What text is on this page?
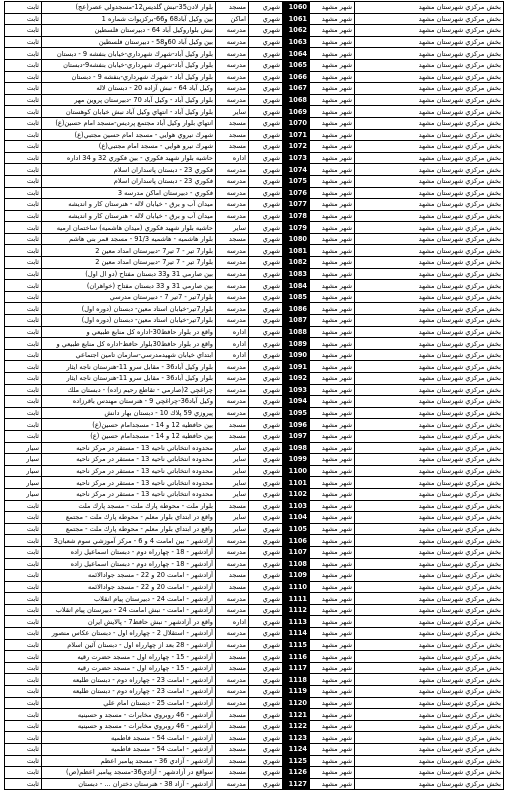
ثابت	بلوار لادن35-نبش گلدیس12-مسجدولي عصر(عج)	مسجد	شهري	1060	شهر مشهد	بخش مركزي شهرستان مشهد
ثابت	بين وكيل آباد68 و66-بركزيوات شماره 1	اماكن	شهري	1061	شهر مشهد	بخش مركزي شهرستان مشهد
ثابت	نبش بلواروكيل آباد 64 - دبيرستان فلسطين	مدرسه	شهري	1062	شهر مشهد	بخش مركزي شهرستان مشهد
ثابت	بين وكيل آباد 60و58 - دبيرستان فلسطين	مدرسه	شهري	1063	شهر مشهد	بخش مركزي شهرستان مشهد
ثابت	بلوار وكيل آباد-شهرك شهرداري-خيابان بنفشه 9 - دبستان	مدرسه	شهري	1064	شهر مشهد	بخش مركزي شهرستان مشهد
ثابت	بلوار وكيل آباد-شهرك شهرداري-خيابان بنفشه9-دبستان	مدرسه	شهري	1065	شهر مشهد	بخش مركزي شهرستان مشهد
ثابت	بلوار وكيل آباد - شهرك شهرداري-بنفشه 9 - دبستان	مدرسه	شهري	1066	شهر مشهد	بخش مركزي شهرستان مشهد
ثابت	وكيل آباد 64 - نبش آزاده 20 - دبستان لاله	مدرسه	شهري	1067	شهر مشهد	بخش مركزي شهرستان مشهد
ثابت	بلوار وكيل آباد - وكيل آباد 70 -دبيرستان پروين مهر	مدرسه	شهري	1068	شهر مشهد	بخش مركزي شهرستان مشهد
ثابت	بلوار وكيل آباد - انتهاي وكيل آباد نبش خيابان كوهستان	ساير	شهري	1069	شهر مشهد	بخش مركزي شهرستان مشهد
ثابت	انتهاي بلوار وكيل آباد مجتمع پرديس-مسجد امام حسين(ع)	مسجد	شهري	1070	شهر مشهد	بخش مركزي شهرستان مشهد
ثابت	شهرك نيروي هوايي - مسجد امام حسين مجتبي(ع)	مسجد	شهري	1071	شهر مشهد	بخش مركزي شهرستان مشهد
ثابت	شهرك نيرو هوايي - مسجد امام مجتبي(ع)	مسجد	شهري	1072	شهر مشهد	بخش مركزي شهرستان مشهد
ثابت	حاشيه بلوار شهيد فكوري - بين فكوري 32 و 34 اداره	اداره	شهري	1073	شهر مشهد	بخش مركزي شهرستان مشهد
ثابت	فكوري 23 - دبستان پاسداران اسلام	مدرسه	شهري	1074	شهر مشهد	بخش مركزي شهرستان مشهد
ثابت	فكوري 23 - دبستان پاسداران اسلام	مدرسه	شهري	1075	شهر مشهد	بخش مركزي شهرستان مشهد
ثابت	فكوري - دبيرستان اماكن مدرسه 3	مدرسه	شهري	1076	شهر مشهد	بخش مركزي شهرستان مشهد
ثابت	ميدان آب و برق - خيابان لاله - هنرستان كار و انديشه	مدرسه	شهري	1077	شهر مشهد	بخش مركزي شهرستان مشهد
ثابت	ميدان آب و برق - خيابان لاله - هنرستان كار و انديشه	مدرسه	شهري	1078	شهر مشهد	بخش مركزي شهرستان مشهد
ثابت	حاشيه بلوار شهيد فكوري (ميدان هاشميه) ساختمان ارميه	ساير	شهري	1079	شهر مشهد	بخش مركزي شهرستان مشهد
ثابت	بلوار هاشميه - هاشميه 91/3 - مسجد قمر بني هاشم	مسجد	شهري	1080	شهر مشهد	بخش مركزي شهرستان مشهد
ثابت	بلوار7 تير - 7 تير7 -دبيرستان امداد معين 2	مدرسه	شهري	1081	شهر مشهد	بخش مركزي شهرستان مشهد
ثابت	بلوار7 تير - 7 تير7 -دبيرستان امداد معين 2	مدرسه	شهري	1082	شهر مشهد	بخش مركزي شهرستان مشهد
ثابت	بين صارمي 31 و33 دبستان مفتاح (دو ال اول)	مدرسه	شهري	1083	شهر مشهد	بخش مركزي شهرستان مشهد
ثابت	بين صارمي 31 و 33 دبستان مفتاح (خواهران)	مدرسه	شهري	1084	شهر مشهد	بخش مركزي شهرستان مشهد
ثابت	بلوار7تير - 7تير 7 - دبيرستان مدرسي	مدرسه	شهري	1085	شهر مشهد	بخش مركزي شهرستان مشهد
ثابت	بلوار7تير-خيابان استاد معين- دبستان (دوره اول)	مدرسه	شهري	1086	شهر مشهد	بخش مركزي شهرستان مشهد
ثابت	بلوار7تير-خيابان استاد معين- دبستان (دوره اول)	مدرسه	شهري	1087	شهر مشهد	بخش مركزي شهرستان مشهد
ثابت	واقع در بلوار حافظ30-اداره كل منابع طبيعي و	اداره	شهري	1088	شهر مشهد	بخش مركزي شهرستان مشهد
ثابت	واقع در بلوار حافظ30بلوار حافظ-اداره كل منابع طبيعي و	اداره	شهري	1089	شهر مشهد	بخش مركزي شهرستان مشهد
ثابت	ابتداي خيابان شهيدمدرسي-سازمان تامين اجتماعي	اداره	شهري	1090	شهر مشهد	بخش مركزي شهرستان مشهد
ثابت	بلوار وكيل آباد36 - مقابل سرو 11-هنرستان ناجه ايثار	مدرسه	شهري	1091	شهر مشهد	بخش مركزي شهرستان مشهد
ثابت	بلوار وكيل آباد36 - مقابل سرو 11-هنرستان ناجه ايثار	مدرسه	شهري	1092	شهر مشهد	بخش مركزي شهرستان مشهد
ثابت	چراغچي 2(صارمي - تقاطع رحيم زاده) - دبستان ملك	مدرسه	شهري	1093	شهر مشهد	بخش مركزي شهرستان مشهد
ثابت	وكيل آباد36-چراغچي 9 - هنرستان مهندس باقرزاده	مدرسه	شهري	1094	شهر مشهد	بخش مركزي شهرستان مشهد
ثابت	پيروزي 59 پلاك 10 - دبستان بهار دانش	مدرسه	شهري	1095	شهر مشهد	بخش مركزي شهرستان مشهد
ثابت	بين حافظيه 12 و 14 - مسجدامام حسين(ع)	مسجد	شهري	1096	شهر مشهد	بخش مركزي شهرستان مشهد
ثابت	بين حافظيه 12 و 14 - مسجدامام حسين (ع)	مسجد	شهري	1097	شهر مشهد	بخش مركزي شهرستان مشهد
سيار	محدوده انتخاباتي ناحيه 13 - مستقر در مركز ناحيه	ساير	شهري	1098	شهر مشهد	بخش مركزي شهرستان مشهد
سيار	محدوده انتخاباتي ناحيه 13 - مستقر در مركز ناحيه	ساير	شهري	1099	شهر مشهد	بخش مركزي شهرستان مشهد
سيار	محدوده انتخاباتي ناحيه 13 - مستقر در مركز ناحيه	ساير	شهري	1100	شهر مشهد	بخش مركزي شهرستان مشهد
سيار	محدوده انتخاباتي ناحيه 13 - مستقر در مركز ناحيه	ساير	شهري	1101	شهر مشهد	بخش مركزي شهرستان مشهد
سيار	محدوده انتخاباتي ناحيه 13 - مستقر در مركز ناحيه	ساير	شهري	1102	شهر مشهد	بخش مركزي شهرستان مشهد
ثابت	بلوار ملت - محوطه پارك ملت - مسجد پارك ملت	مسجد	شهري	1103	شهر مشهد	بخش مركزي شهرستان مشهد
ثابت	واقع در ابتداي بلوار معلم - محوطه پارك ملت - مجتمع	ساير	شهري	1104	شهر مشهد	بخش مركزي شهرستان مشهد
ثابت	واقع در ابتداي بلوار معلم - محوطه پارك ملت - مجتمع	ساير	شهري	1105	شهر مشهد	بخش مركزي شهرستان مشهد
ثابت	آزادشهر - بين امامت 4 و 6 - مركز آموزشي سوم شعبان3	مدرسه	شهري	1106	شهر مشهد	بخش مركزي شهرستان مشهد
ثابت	آزادشهر - 18 - چهارراه دوم - دبستان اسماعيل زاده	مدرسه	شهري	1107	شهر مشهد	بخش مركزي شهرستان مشهد
ثابت	آزادشهر - 18 - چهارراه دوم - دبستان اسماعيل زاده	مدرسه	شهري	1108	شهر مشهد	بخش مركزي شهرستان مشهد
ثابت	آزادشهر - امامت 20 و 22 - مسجد جوادالائمه	مسجد	شهري	1109	شهر مشهد	بخش مركزي شهرستان مشهد
ثابت	آزادشهر - امامت 20 و 22 - مسجد جوادالائمه	مسجد	شهري	1110	شهر مشهد	بخش مركزي شهرستان مشهد
ثابت	آزادشهر - امامت 24 - دبيرستان پيام انقلاب	مدرسه	شهري	1111	شهر مشهد	بخش مركزي شهرستان مشهد
ثابت	آزادشهر - امامت - نبش امامت 24 - دبيرستان پيام انقلاب	مدرسه	شهري	1112	شهر مشهد	بخش مركزي شهرستان مشهد
ثابت	واقع در آزادشهر - نبش حافظ7 - پالايش ايران	اداره	شهري	1113	شهر مشهد	بخش مركزي شهرستان مشهد
ثابت	آزادشهر - استقلال 2 - چهارراه اول - دبستان عكاس منصور	مدرسه	شهري	1114	شهر مشهد	بخش مركزي شهرستان مشهد
ثابت	آزادشهر - 28 بعد از چهارراه اول - دبستان آئين اسلام	مدرسه	شهري	1115	شهر مشهد	بخش مركزي شهرستان مشهد
ثابت	آزادشهر - 15 - چهارراه اول - مسجد حضرت رقيه	مسجد	شهري	1116	شهر مشهد	بخش مركزي شهرستان مشهد
ثابت	آزادشهر - 15 - چهارراه اول - مسجد حضرت رقيه	مسجد	شهري	1117	شهر مشهد	بخش مركزي شهرستان مشهد
ثابت	آزادشهر - امامت 23 - چهارراه دوم - دبستان طليعه	مدرسه	شهري	1118	شهر مشهد	بخش مركزي شهرستان مشهد
ثابت	آزادشهر - امامت 23 - چهارراه دوم - دبستان طليعه	مدرسه	شهري	1119	شهر مشهد	بخش مركزي شهرستان مشهد
ثابت	آزادشهر - امامت 25 - دبستان امام علي	مدرسه	شهري	1120	شهر مشهد	بخش مركزي شهرستان مشهد
ثابت	آزادشهر - 46 روبروي مخابرات - مسجد و حسينيه	مسجد	شهري	1121	شهر مشهد	بخش مركزي شهرستان مشهد
ثابت	آزادشهر - 46 روبروي مخابرات - مسجد و حسينيه	مسجد	شهري	1122	شهر مشهد	بخش مركزي شهرستان مشهد
ثابت	آزادشهر - امامت 54 - مسجد فاطميه	مسجد	شهري	1123	شهر مشهد	بخش مركزي شهرستان مشهد
ثابت	آزادشهر - امامت 54 - مسجد فاطميه	مسجد	شهري	1124	شهر مشهد	بخش مركزي شهرستان مشهد
ثابت	آزادشهر - آزادي 36 - مسجد پيامبر اعظم	مسجد	شهري	1125	شهر مشهد	بخش مركزي شهرستان مشهد
ثابت	سواقع در آزادشهر - آزادي36-مسجد پيامبر اعظم(ص)	مسجد	شهري	1126	شهر مشهد	بخش مركزي شهرستان مشهد
ثابت	آزادشهر - آزاد 38 - هنرستان دختران ... - دبستان	مدرسه	شهري	1127	شهر مشهد	بخش مركزي شهرستان مشهد
